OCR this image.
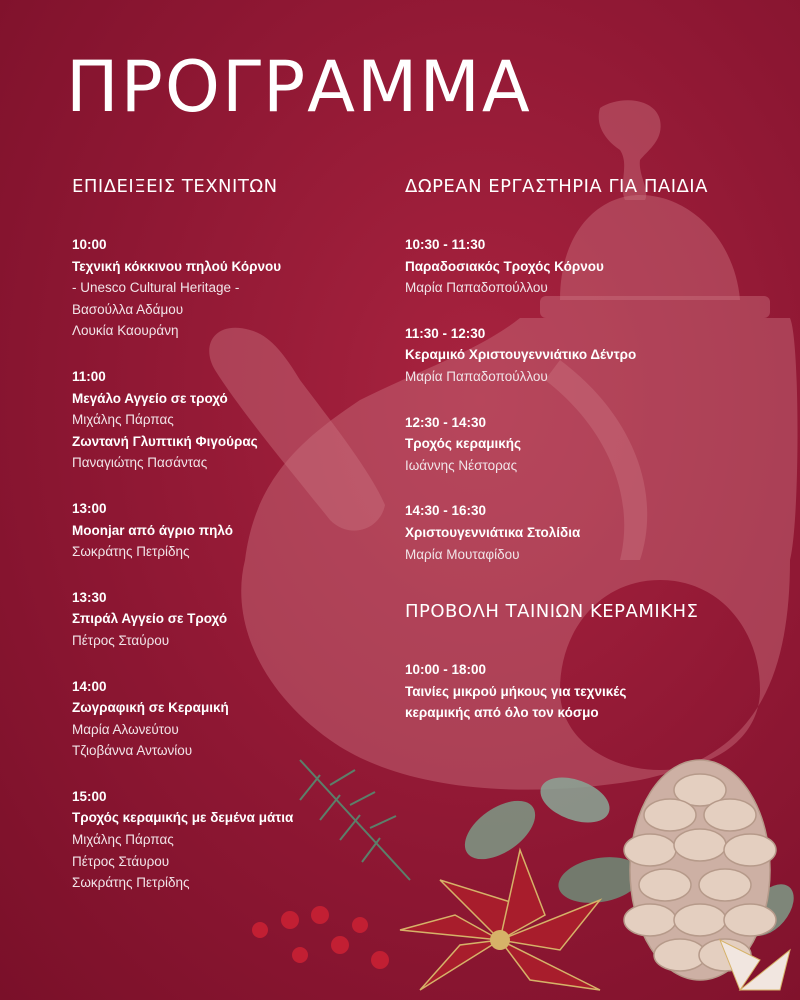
ΠΡΟΓΡΑΜΜΑ
ΕΠΙΔΕΙΞΕΙΣ ΤΕΧΝΙΤΩΝ
10:00
Τεχνική κόκκινου πηλού Κόρνου
- Unesco Cultural Heritage -
Βασούλλα Αδάμου
Λουκία Καουράνη
11:00
Μεγάλο Αγγείο σε τροχό
Μιχάλης Πάρπας
Ζωντανή Γλυπτική Φιγούρας
Παναγιώτης Πασάντας
13:00
Moonjar από άγριο πηλό
Σωκράτης Πετρίδης
13:30
Σπιράλ Αγγείο σε Τροχό
Πέτρος Σταύρου
14:00
Ζωγραφική σε Κεραμική
Μαρία Αλωνεύτου
Τζιοβάννα Αντωνίου
15:00
Τροχός κεραμικής με δεμένα μάτια
Μιχάλης Πάρπας
Πέτρος Στάυρου
Σωκράτης Πετρίδης
ΔΩΡΕΑΝ ΕΡΓΑΣΤΗΡΙΑ ΓΙΑ ΠΑΙΔΙΑ
10:30 - 11:30
Παραδοσιακός Τροχός Κόρνου
Μαρία Παπαδοπούλλου
11:30 - 12:30
Κεραμικό Χριστουγεννιάτικο Δέντρο
Μαρία Παπαδοπούλλου
12:30 - 14:30
Τροχός κεραμικής
Ιωάννης Νέστορας
14:30 - 16:30
Χριστουγεννιάτικα Στολίδια
Μαρία Μουταφίδου
ΠΡΟΒΟΛΗ ΤΑΙΝΙΩΝ ΚΕΡΑΜΙΚΗΣ
10:00 - 18:00
Ταινίες μικρού μήκους για τεχνικές
κεραμικής από όλο τον κόσμο
